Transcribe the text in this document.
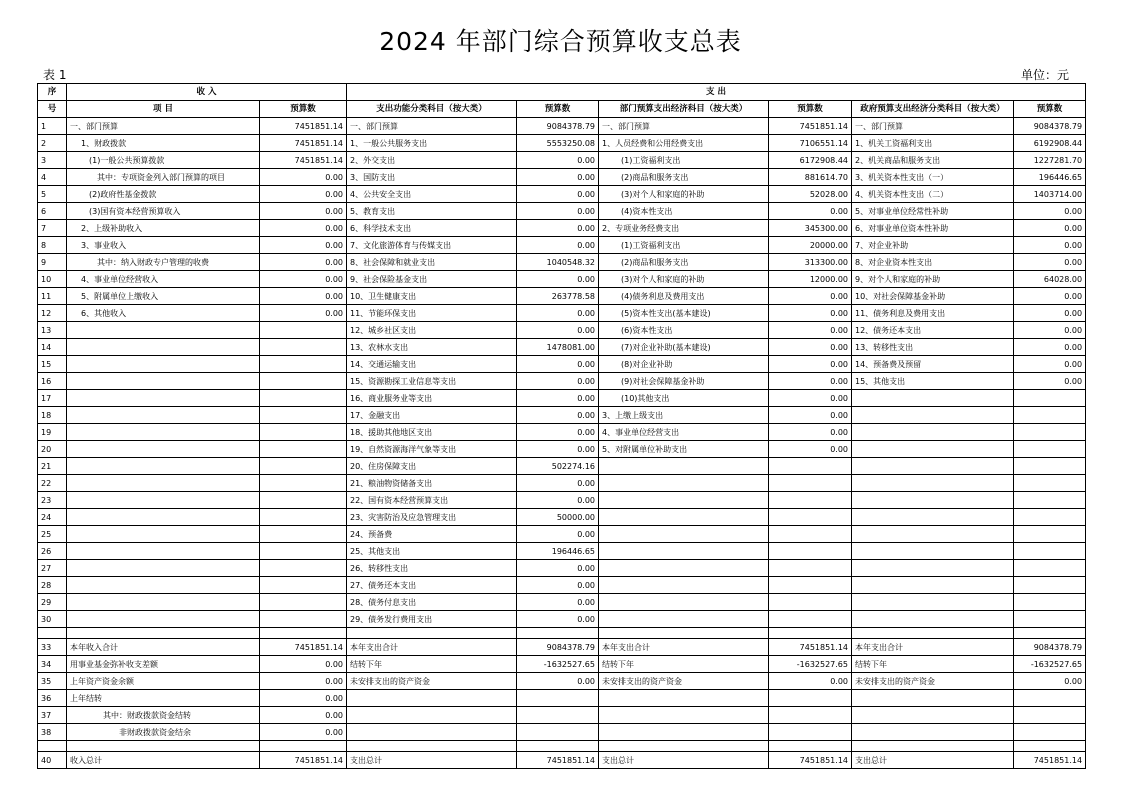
2024 年部门综合预算收支总表
表 1	单位：元
序	收 入		支 出					
号	项 目	预算数	支出功能分类科目（按大类）	预算数	部门预算支出经济科目（按大类）	预算数	政府预算支出经济分类科目（按大类）	预算数
1	一、部门预算	7451851.14	一、部门预算	9084378.79	一、部门预算	7451851.14	一、部门预算	9084378.79
2	1、财政拨款	7451851.14	1、一般公共服务支出	5553250.08	1、人员经费和公用经费支出	7106551.14	1、机关工资福利支出	6192908.44
3	(1)一般公共预算拨款	7451851.14	2、外交支出	0.00	(1)工资福利支出	6172908.44	2、机关商品和服务支出	1227281.70
4	其中：专项资金列入部门预算的项目	0.00	3、国防支出	0.00	(2)商品和服务支出	881614.70	3、机关资本性支出（一）	196446.65
5	(2)政府性基金拨款	0.00	4、公共安全支出	0.00	(3)对个人和家庭的补助	52028.00	4、机关资本性支出（二）	1403714.00
6	(3)国有资本经营预算收入	0.00	5、教育支出	0.00	(4)资本性支出	0.00	5、对事业单位经常性补助	0.00
7	2、上级补助收入	0.00	6、科学技术支出	0.00	2、专项业务经费支出	345300.00	6、对事业单位资本性补助	0.00
8	3、事业收入	0.00	7、文化旅游体育与传媒支出	0.00	(1)工资福利支出	20000.00	7、对企业补助	0.00
9	其中：纳入财政专户管理的收费	0.00	8、社会保障和就业支出	1040548.32	(2)商品和服务支出	313300.00	8、对企业资本性支出	0.00
10	4、事业单位经营收入	0.00	9、社会保险基金支出	0.00	(3)对个人和家庭的补助	12000.00	9、对个人和家庭的补助	64028.00
11	5、附属单位上缴收入	0.00	10、卫生健康支出	263778.58	(4)债务利息及费用支出	0.00	10、对社会保障基金补助	0.00
12	6、其他收入	0.00	11、节能环保支出	0.00	(5)资本性支出(基本建设)	0.00	11、债务利息及费用支出	0.00
13			12、城乡社区支出	0.00	(6)资本性支出	0.00	12、债务还本支出	0.00
14			13、农林水支出	1478081.00	(7)对企业补助(基本建设)	0.00	13、转移性支出	0.00
15			14、交通运输支出	0.00	(8)对企业补助	0.00	14、预备费及预留	0.00
16			15、资源勘探工业信息等支出	0.00	(9)对社会保障基金补助	0.00	15、其他支出	0.00
17			16、商业服务业等支出	0.00	(10)其他支出	0.00		
18			17、金融支出	0.00	3、上缴上级支出	0.00		
19			18、援助其他地区支出	0.00	4、事业单位经营支出	0.00		
20			19、自然资源海洋气象等支出	0.00	5、对附属单位补助支出	0.00		
21			20、住房保障支出	502274.16				
22			21、粮油物资储备支出	0.00				
23			22、国有资本经营预算支出	0.00				
24			23、灾害防治及应急管理支出	50000.00				
25			24、预备费	0.00				
26			25、其他支出	196446.65				
27			26、转移性支出	0.00				
28			27、债务还本支出	0.00				
29			28、债务付息支出	0.00				
30			29、债务发行费用支出	0.00				

33	本年收入合计	7451851.14	本年支出合计	9084378.79	本年支出合计	7451851.14	本年支出合计	9084378.79
34	用事业基金弥补收支差额	0.00	结转下年	-1632527.65	结转下年	-1632527.65	结转下年	-1632527.65
35	上年资产资金余额	0.00	未安排支出的资产资金	0.00	未安排支出的资产资金	0.00	未安排支出的资产资金	0.00
36	上年结转	0.00						
37	其中：财政拨款资金结转	0.00						
38	非财政拨款资金结余	0.00						

40	收入总计	7451851.14	支出总计	7451851.14	支出总计	7451851.14	支出总计	7451851.14
